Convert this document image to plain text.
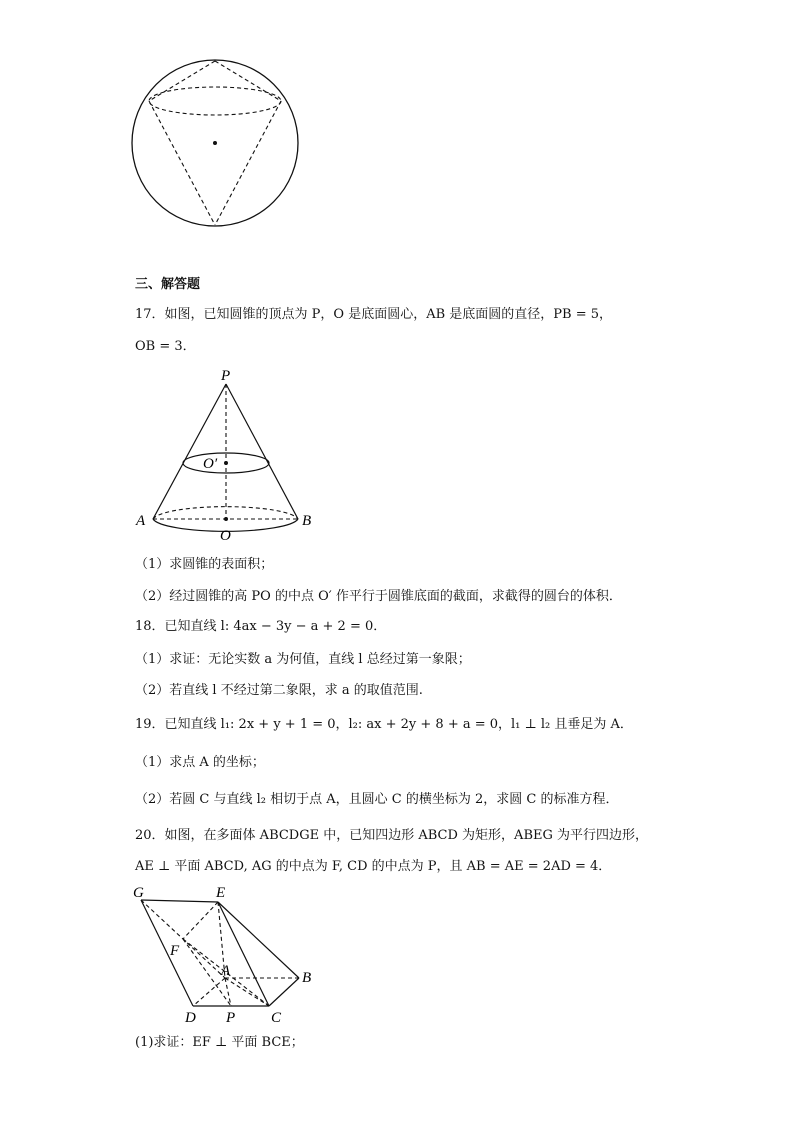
三、解答题
17．如图，已知圆锥的顶点为 P，O 是底面圆心，AB 是底面圆的直径，PB = 5，
OB = 3．
P
O′
A	B
O
（1）求圆锥的表面积；
（2）经过圆锥的高 PO 的中点 O′ 作平行于圆锥底面的截面，求截得的圆台的体积．
18．已知直线 l: 4ax − 3y − a + 2 = 0．
（1）求证：无论实数 a 为何值，直线 l 总经过第一象限；
（2）若直线 l 不经过第二象限，求 a 的取值范围.
19．已知直线 l₁: 2x + y + 1 = 0，l₂: ax + 2y + 8 + a = 0，l₁ ⊥ l₂ 且垂足为 A．
（1）求点 A 的坐标；
（2）若圆 C 与直线 l₂ 相切于点 A，且圆心 C 的横坐标为 2，求圆 C 的标准方程．
20．如图，在多面体 ABCDGE 中，已知四边形 ABCD 为矩形，ABEG 为平行四边形，
AE ⊥ 平面 ABCD, AG 的中点为 F, CD 的中点为 P，且 AB = AE = 2AD = 4．
G	E
F
A	B
D P C
(1)求证：EF ⊥ 平面 BCE；
